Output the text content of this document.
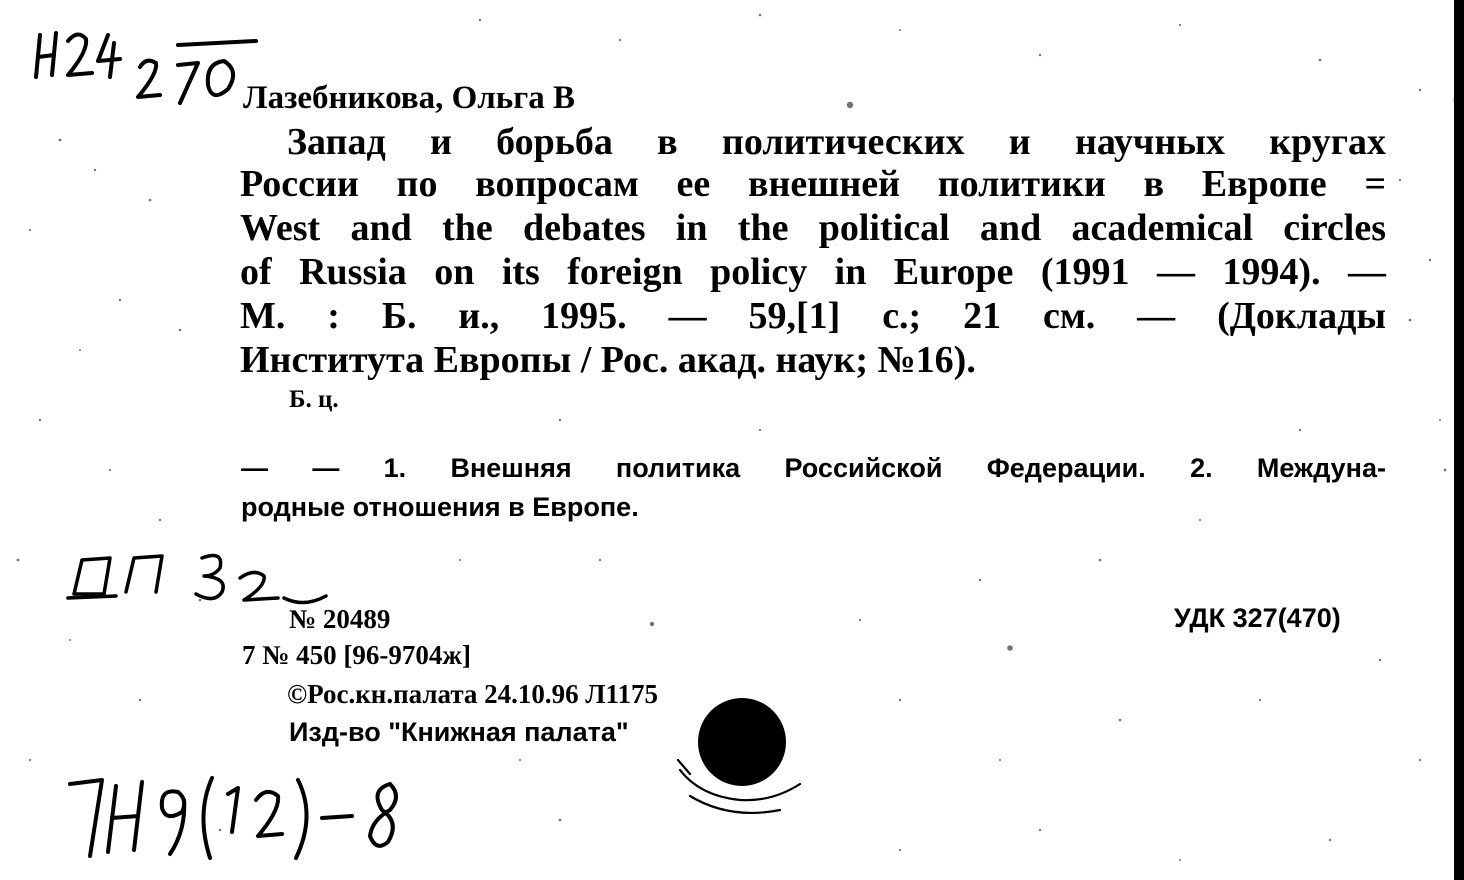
Н24 270
Лазебникова, Ольга В
Запад и борьба в политических и научных кругах
России по вопросам ее внешней политики в Европе =
West and the debates in the political and academical circles
of Russia on its foreign policy in Europe (1991 — 1994). —
М. : Б. и., 1995. — 59,[1] с.; 21 см. — (Доклады
Института Европы / Рос. акад. наук; №16).
Б. ц.
— — 1. Внешняя политика Российской Федерации. 2. Междуна-
родные отношения в Европе.
ДП 32
№ 20489
7 № 450 [96-9704ж]
©Рос.кн.палата 24.10.96 Л1175
Изд-во "Книжная палата"
УДК 327(470)
ГН9(12)-8
